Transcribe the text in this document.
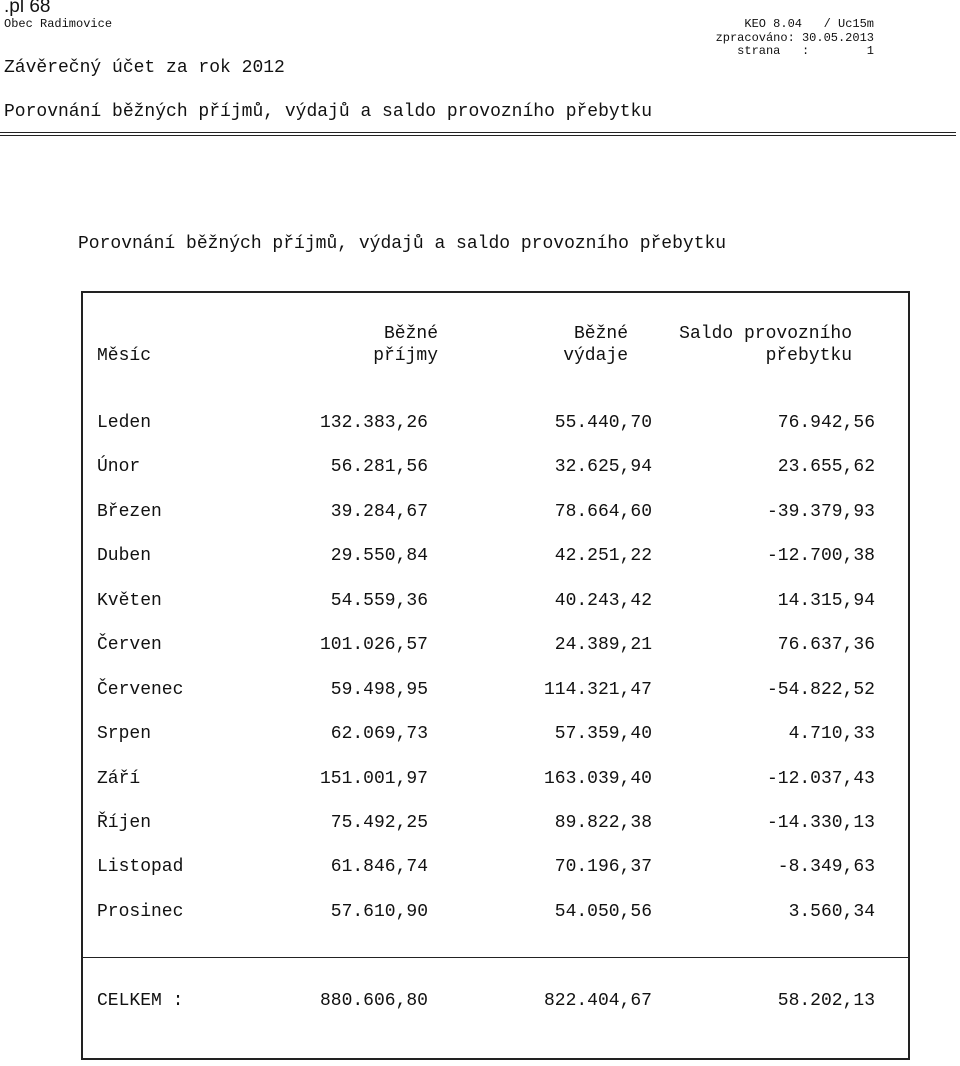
.pl 68
Obec Radimovice	KEO 8.04   / Uc15m
zpracováno: 30.05.2013
strana   :        1
Závěrečný účet za rok 2012
Porovnání běžných příjmů, výdajů a saldo provozního přebytku
Porovnání běžných příjmů, výdajů a saldo provozního přebytku
Běžné	Běžné	Saldo provozního
Měsíc	příjmy	výdaje	přebytku
Leden	132.383,26	55.440,70	76.942,56
Únor	56.281,56	32.625,94	23.655,62
Březen	39.284,67	78.664,60	-39.379,93
Duben	29.550,84	42.251,22	-12.700,38
Květen	54.559,36	40.243,42	14.315,94
Červen	101.026,57	24.389,21	76.637,36
Červenec	59.498,95	114.321,47	-54.822,52
Srpen	62.069,73	57.359,40	4.710,33
Září	151.001,97	163.039,40	-12.037,43
Říjen	75.492,25	89.822,38	-14.330,13
Listopad	61.846,74	70.196,37	-8.349,63
Prosinec	57.610,90	54.050,56	3.560,34
CELKEM :	880.606,80	822.404,67	58.202,13
